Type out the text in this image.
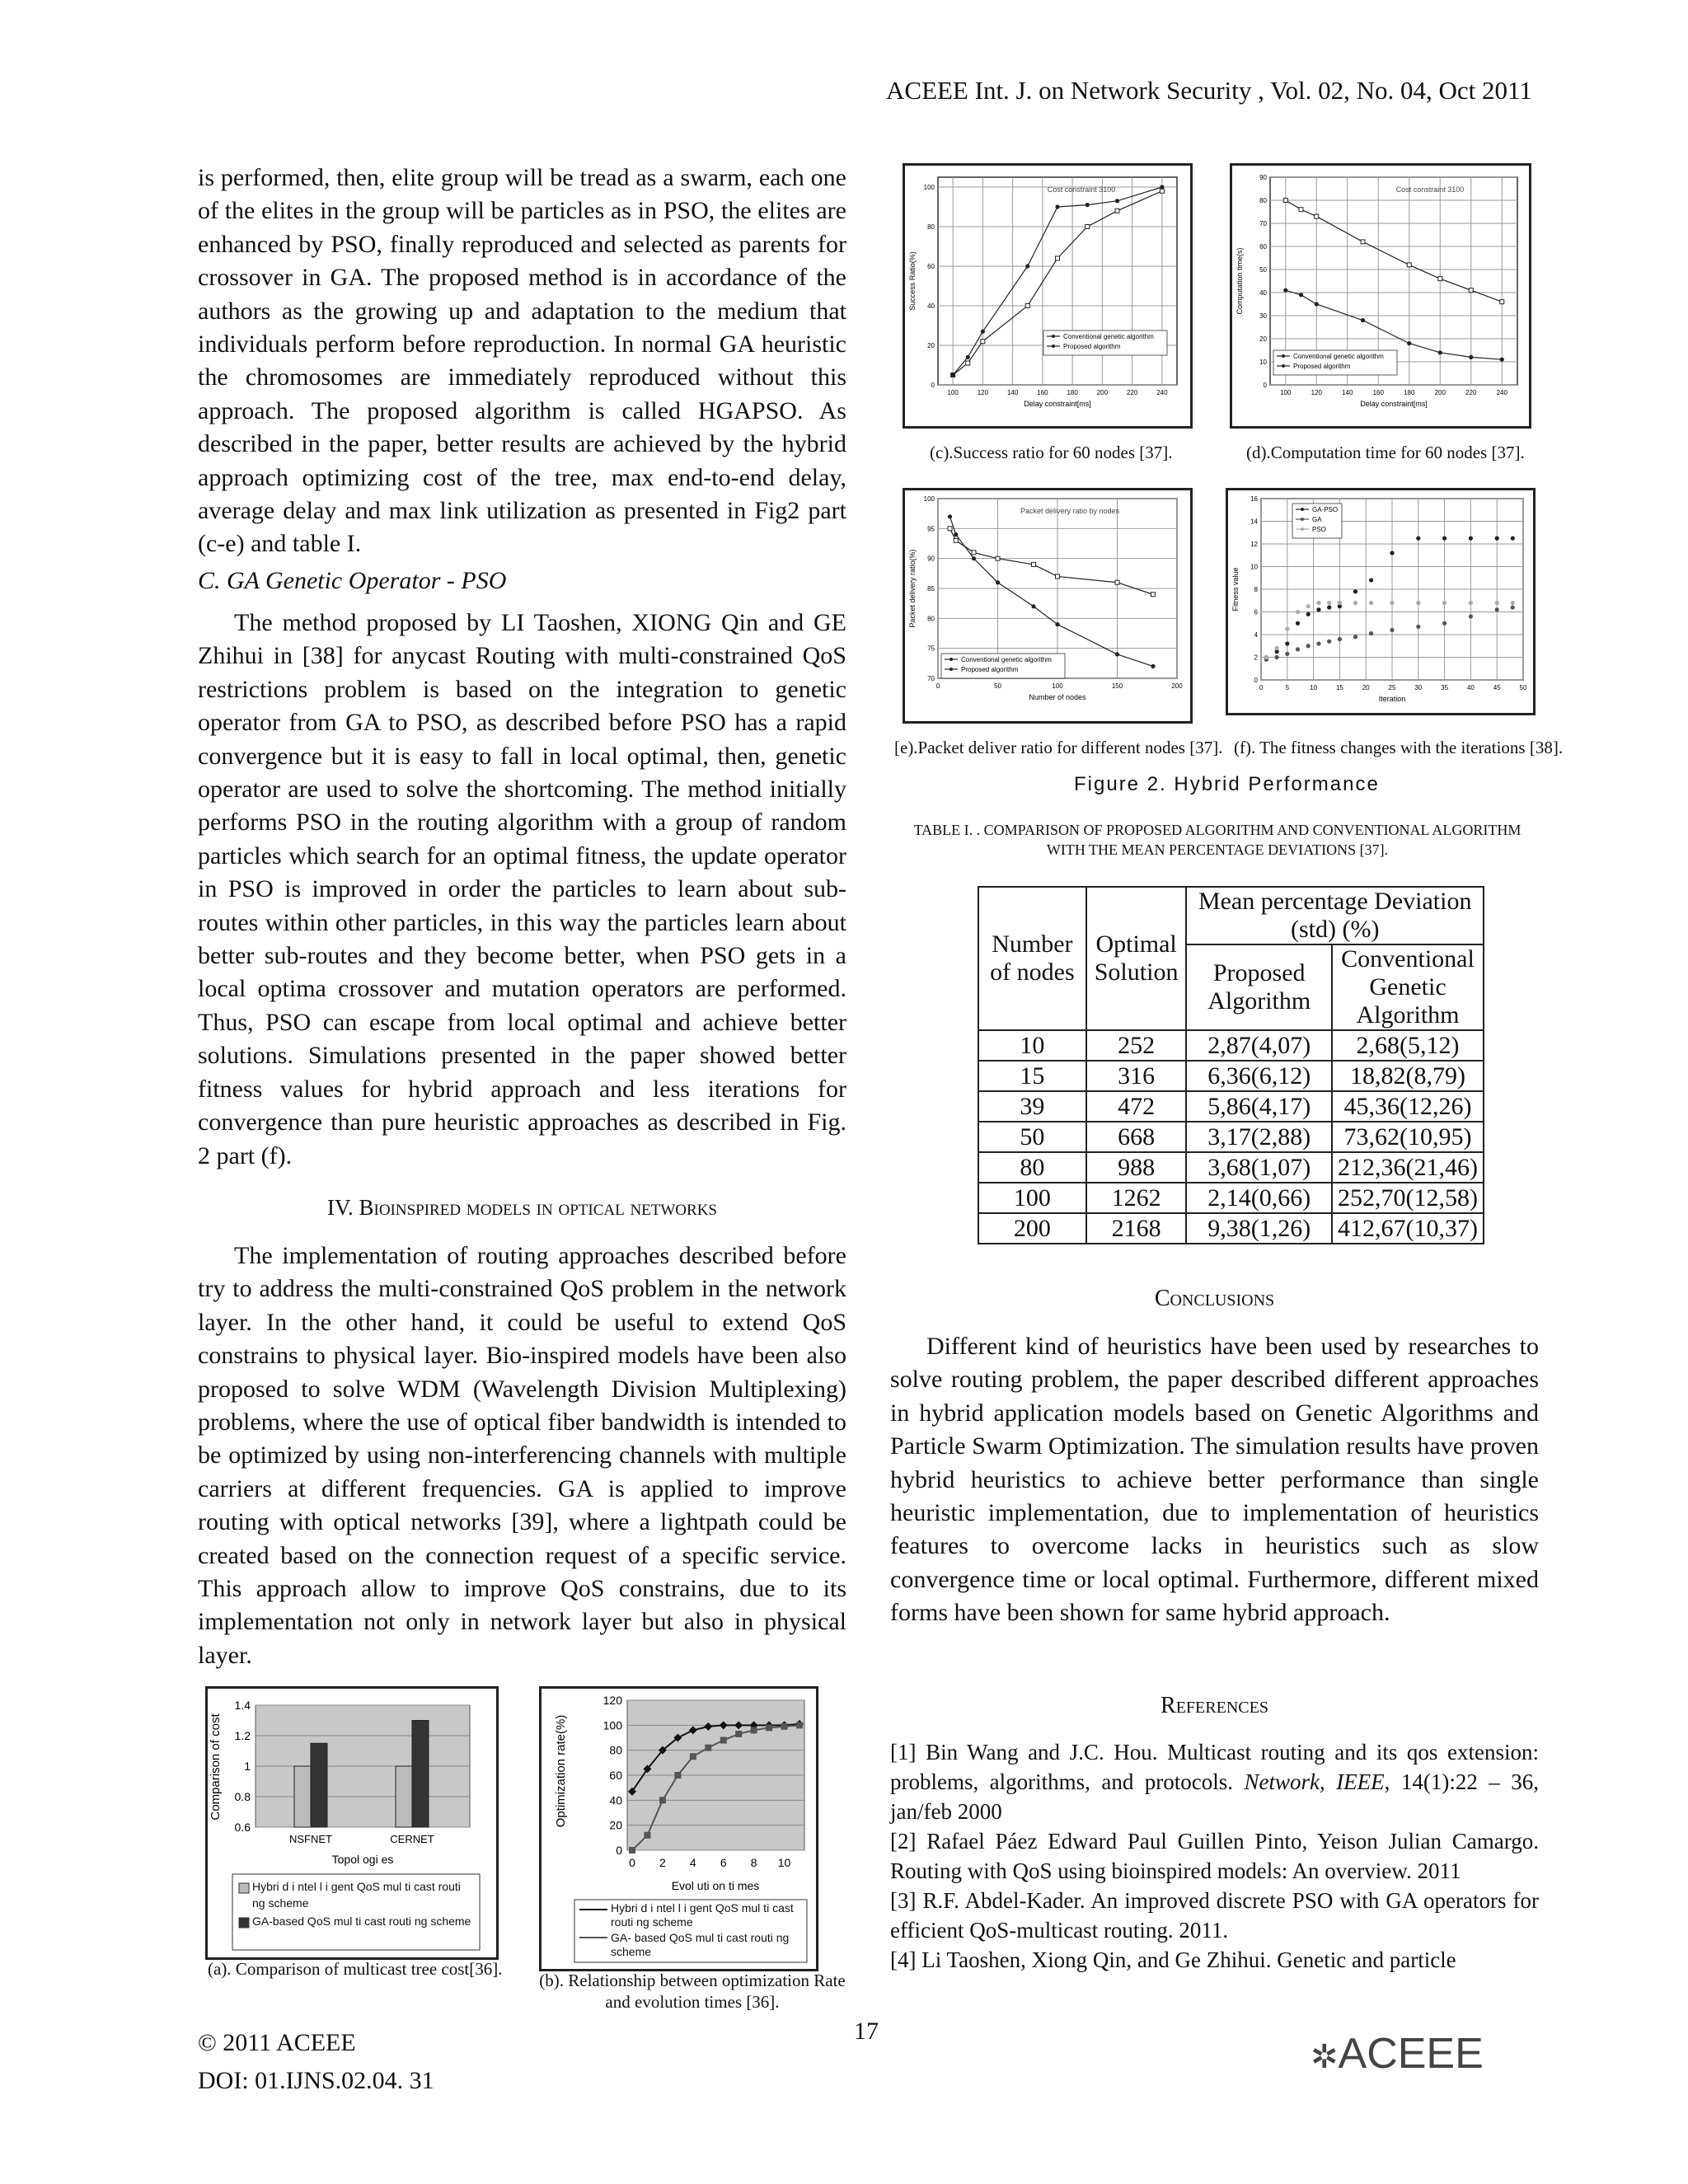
ACEEE Int. J. on Network Security , Vol. 02, No. 04, Oct 2011

is performed, then, elite group will be tread as a swarm, each one of the elites in the group will be particles as in PSO, the elites are enhanced by PSO, finally reproduced and selected as parents for crossover in GA. The proposed method is in accordance of the authors as the growing up and adaptation to the medium that individuals perform before reproduction. In normal GA heuristic the chromosomes are immediately reproduced without this approach. The proposed algorithm is called HGAPSO. As described in the paper, better results are achieved by the hybrid approach optimizing cost of the tree, max end-to-end delay, average delay and max link utilization as presented in Fig2 part (c-e) and table I.

C. GA Genetic Operator - PSO

The method proposed by LI Taoshen, XIONG Qin and GE Zhihui in [38] for anycast Routing with multi-constrained QoS restrictions problem is based on the integration to genetic operator from GA to PSO, as described before PSO has a rapid convergence but it is easy to fall in local optimal, then, genetic operator are used to solve the shortcoming. The method initially performs PSO in the routing algorithm with a group of random particles which search for an optimal fitness, the update operator in PSO is improved in order the particles to learn about sub-routes within other particles, in this way the particles learn about better sub-routes and they become better, when PSO gets in a local optima crossover and mutation operators are performed. Thus, PSO can escape from local optimal and achieve better solutions. Simulations presented in the paper showed better fitness values for hybrid approach and less iterations for convergence than pure heuristic approaches as described in Fig. 2 part (f).

IV. Bioinspired models in optical networks

The implementation of routing approaches described before try to address the multi-constrained QoS problem in the network layer. In the other hand, it could be useful to extend QoS constrains to physical layer. Bio-inspired models have been also proposed to solve WDM (Wavelength Division Multiplexing) problems, where the use of optical fiber bandwidth is intended to be optimized by using non-interferencing channels with multiple carriers at different frequencies. GA is applied to improve routing with optical networks [39], where a lightpath could be created based on the connection request of a specific service. This approach allow to improve QoS constrains, due to its implementation not only in network layer but also in physical layer.

1.4
1.2
1
0.8
0.6
Comparison of cost
NSFNET	CERNET
Topol ogi es
Hybri d i ntel l i gent QoS mul ti cast routi ng scheme
GA-based QoS mul ti cast routi ng scheme
(a). Comparison of multicast tree cost[36].
120
100
80
60
40
20
0
0 2 4 6 8 10
Optimization rate(%)
Evol uti on ti mes
Hybri d i ntel l i gent QoS mul ti cast routi ng scheme
GA- based QoS mul ti cast routi ng scheme
(b). Relationship between optimization Rate and evolution times [36].
100
80
60
40
20
0
100	120	140	160	180	200	220	240
Delay constraint[ms]
Success Ratio(%)
Cost constraint 3100
Conventional genetic algorithm
Proposed algorithm
(c).Success ratio for 60 nodes [37].
90
80
70
60
50
40
30
20
10
0
100	120	140	160	180	200	220	240
Delay constraint[ms]
Computation time(s)
Cost constraint 3100
Conventional genetic algorithm
Proposed algorithm
(d).Computation time for 60 nodes [37].
100
95
90
85
80
75
70
0	50	100	150	200
Number of nodes
Packet delivery ratio(%)
Packet delivery ratio by nodes
Conventional genetic algorithm
Proposed algorithm
[e).Packet deliver ratio for different nodes [37].
16
14
12
10
8
6
4
2
0
0	5	10	15	20	25	30	35	40	45	50
Iteration
Fitness value
GA-PSO
GA
PSO
(f). The fitness changes with the iterations [38].
Figure 2. Hybrid Performance
TABLE I. . COMPARISON OF PROPOSED ALGORITHM AND CONVENTIONAL ALGORITHM
WITH THE MEAN PERCENTAGE DEVIATIONS [37].
Number of nodes	Optimal Solution	Mean percentage Deviation (std) (%)	
		Proposed Algorithm	Conventional Genetic Algorithm
10	252	2,87(4,07)	2,68(5,12)
15	316	6,36(6,12)	18,82(8,79)
39	472	5,86(4,17)	45,36(12,26)
50	668	3,17(2,88)	73,62(10,95)
80	988	3,68(1,07)	212,36(21,46)
100	1262	2,14(0,66)	252,70(12,58)
200	2168	9,38(1,26)	412,67(10,37)

Conclusions

Different kind of heuristics have been used by researches to solve routing problem, the paper described different approaches in hybrid application models based on Genetic Algorithms and Particle Swarm Optimization. The simulation results have proven hybrid heuristics to achieve better performance than single heuristic implementation, due to implementation of heuristics features to overcome lacks in heuristics such as slow convergence time or local optimal. Furthermore, different mixed forms have been shown for same hybrid approach.

References

[1] Bin Wang and J.C. Hou. Multicast routing and its qos extension: problems, algorithms, and protocols. Network, IEEE, 14(1):22 – 36, jan/feb 2000

[2] Rafael Páez Edward Paul Guillen Pinto, Yeison Julian Camargo. Routing with QoS using bioinspired models: An overview. 2011

[3] R.F. Abdel-Kader. An improved discrete PSO with GA operators for efficient QoS-multicast routing. 2011.

[4] Li Taoshen, Xiong Qin, and Ge Zhihui. Genetic and particle

© 2011 ACEEE
DOI: 01.IJNS.02.04. 31
17
✲ACEEE
